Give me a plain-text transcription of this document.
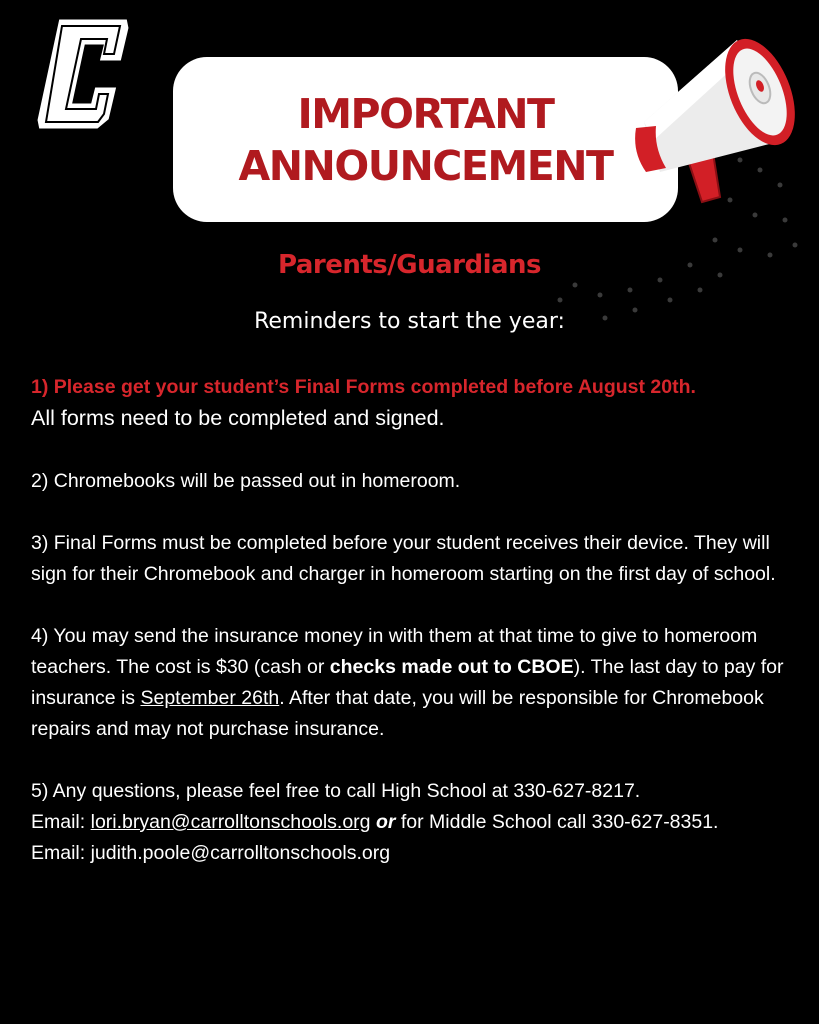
IMPORTANT
ANNOUNCEMENT
Parents/Guardians
Reminders to start the year:

1) Please get your student’s Final Forms completed before August 20th.
All forms need to be completed and signed.

2) Chromebooks will be passed out in homeroom.

3) Final Forms must be completed before your student receives their device. They will sign for their Chromebook and charger in homeroom starting on the first day of school.

4) You may send the insurance money in with them at that time to give to homeroom teachers. The cost is $30 (cash or checks made out to CBOE). The last day to pay for insurance is September 26th. After that date, you will be responsible for Chromebook repairs and may not purchase insurance.

5) Any questions, please feel free to call High School at 330-627-8217.
Email: lori.bryan@carrolltonschools.org or for Middle School call 330-627-8351.
Email: judith.poole@carrolltonschools.org
